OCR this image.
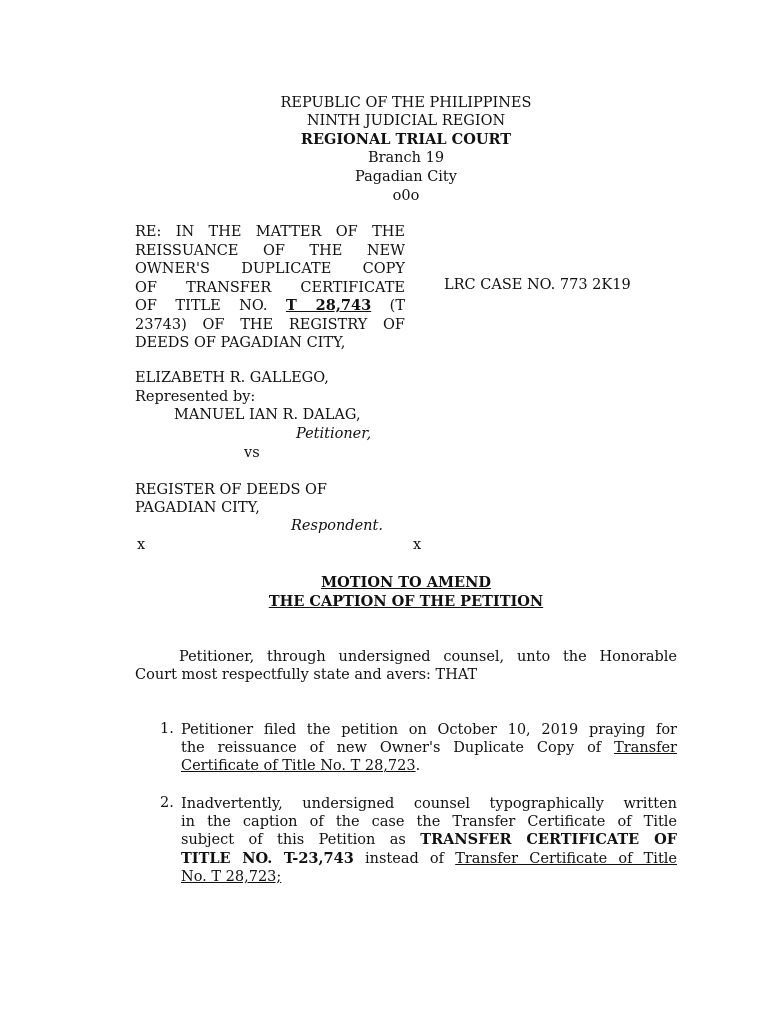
REPUBLIC OF THE PHILIPPINES
NINTH JUDICIAL REGION
REGIONAL TRIAL COURT
Branch 19
Pagadian City
o0o
RE: IN THE MATTER OF THE
REISSUANCE OF THE NEW
OWNER'S DUPLICATE COPY
OF TRANSFER CERTIFICATE
OF TITLE NO. T 28,743 (T
23743) OF THE REGISTRY OF
DEEDS OF PAGADIAN CITY,
LRC CASE NO. 773 2K19
ELIZABETH R. GALLEGO,
Represented by:
MANUEL IAN R. DALAG,
Petitioner,
vs
REGISTER OF DEEDS OF
PAGADIAN CITY,
Respondent.
x	x
MOTION TO AMEND
THE CAPTION OF THE PETITION
Petitioner, through undersigned counsel, unto the Honorable
Court most respectfully state and avers: THAT
1. Petitioner filed the petition on October 10, 2019 praying for
the reissuance of new Owner's Duplicate Copy of Transfer
Certificate of Title No. T 28,723.
2. Inadvertently, undersigned counsel typographically written
in the caption of the case the Transfer Certificate of Title
subject of this Petition as TRANSFER CERTIFICATE OF
TITLE NO. T-23,743 instead of Transfer Certificate of Title
No. T 28,723;
